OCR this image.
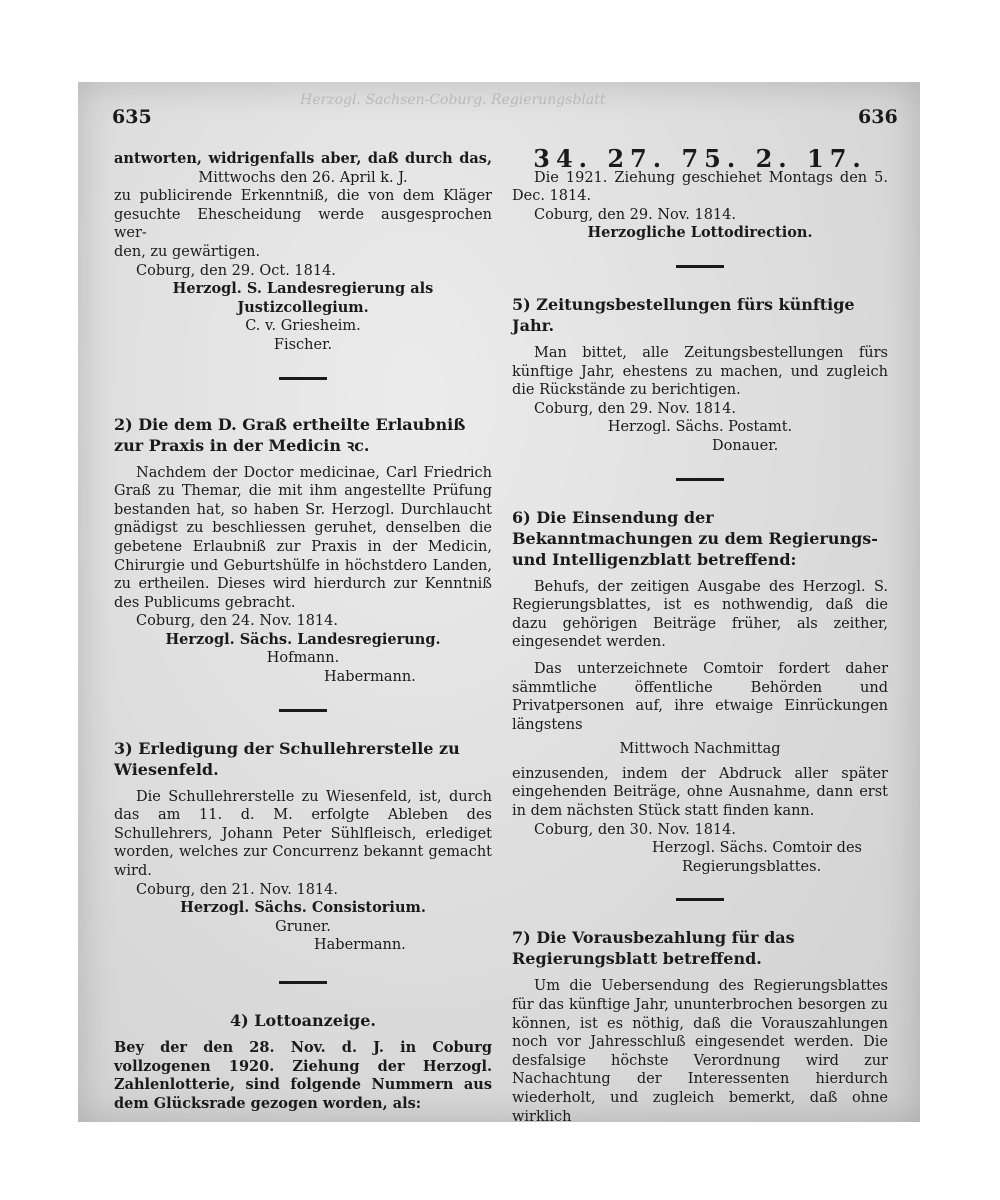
Herzogl. Sachsen-Coburg. Regierungsblatt
635	636

antworten, widrigenfalls aber, daß durch das,

Mittwochs den 26. April k. J.

zu publicirende Erkenntniß, die von dem Kläger

gesuchte Ehescheidung werde ausgesprochen wer-

den, zu gewärtigen.

Coburg, den 29. Oct. 1814.

Herzogl. S. Landesregierung als Justizcollegium.

C. v. Griesheim.

Fischer.

2) Die dem D. Graß ertheilte Erlaubniß zur Praxis in der Medicin ꝛc.

Nachdem der Doctor medicinae, Carl Friedrich Graß zu Themar, die mit ihm angestellte Prüfung bestanden hat, so haben Sr. Herzogl. Durchlaucht gnädigst zu beschliessen geruhet, denselben die gebetene Erlaubniß zur Praxis in der Medicin, Chirurgie und Geburtshülfe in höchstdero Landen, zu ertheilen. Dieses wird hierdurch zur Kenntniß des Publicums gebracht.

Coburg, den 24. Nov. 1814.

Herzogl. Sächs. Landesregierung.

Hofmann.

Habermann.

3) Erledigung der Schullehrerstelle zu Wiesenfeld.

Die Schullehrerstelle zu Wiesenfeld, ist, durch das am 11. d. M. erfolgte Ableben des Schullehrers, Johann Peter Sühlfleisch, erlediget worden, welches zur Concurrenz bekannt gemacht wird.

Coburg, den 21. Nov. 1814.

Herzogl. Sächs. Consistorium.

Gruner.

Habermann.

4) Lottoanzeige.

Bey der den 28. Nov. d. J. in Coburg vollzogenen 1920. Ziehung der Herzogl. Zahlenlotterie, sind folgende Nummern aus dem Glücksrade gezogen worden, als:

34. 27. 75. 2. 17.

Die 1921. Ziehung geschiehet Montags den 5. Dec. 1814.

Coburg, den 29. Nov. 1814.

Herzogliche Lottodirection.

5) Zeitungsbestellungen fürs künftige Jahr.

Man bittet, alle Zeitungsbestellungen fürs künftige Jahr, ehestens zu machen, und zugleich die Rückstände zu berichtigen.

Coburg, den 29. Nov. 1814.

Herzogl. Sächs. Postamt.

Donauer.

6) Die Einsendung der Bekanntmachungen zu dem Regierungs- und Intelligenzblatt betreffend:

Behufs, der zeitigen Ausgabe des Herzogl. S. Regierungsblattes, ist es nothwendig, daß die dazu gehörigen Beiträge früher, als zeither, eingesendet werden.

Das unterzeichnete Comtoir fordert daher sämmtliche öffentliche Behörden und Privatpersonen auf, ihre etwaige Einrückungen längstens

Mittwoch Nachmittag

einzusenden, indem der Abdruck aller später eingehenden Beiträge, ohne Ausnahme, dann erst in dem nächsten Stück statt finden kann.

Coburg, den 30. Nov. 1814.

Herzogl. Sächs. Comtoir des

Regierungsblattes.

7) Die Vorausbezahlung für das Regierungsblatt betreffend.

Um die Uebersendung des Regierungsblattes für das künftige Jahr, ununterbrochen besorgen zu können, ist es nöthig, daß die Vorauszahlungen noch vor Jahresschluß eingesendet werden. Die desfalsige höchste Verordnung wird zur Nachachtung der Interessenten hierdurch wiederholt, und zugleich bemerkt, daß ohne wirklich
